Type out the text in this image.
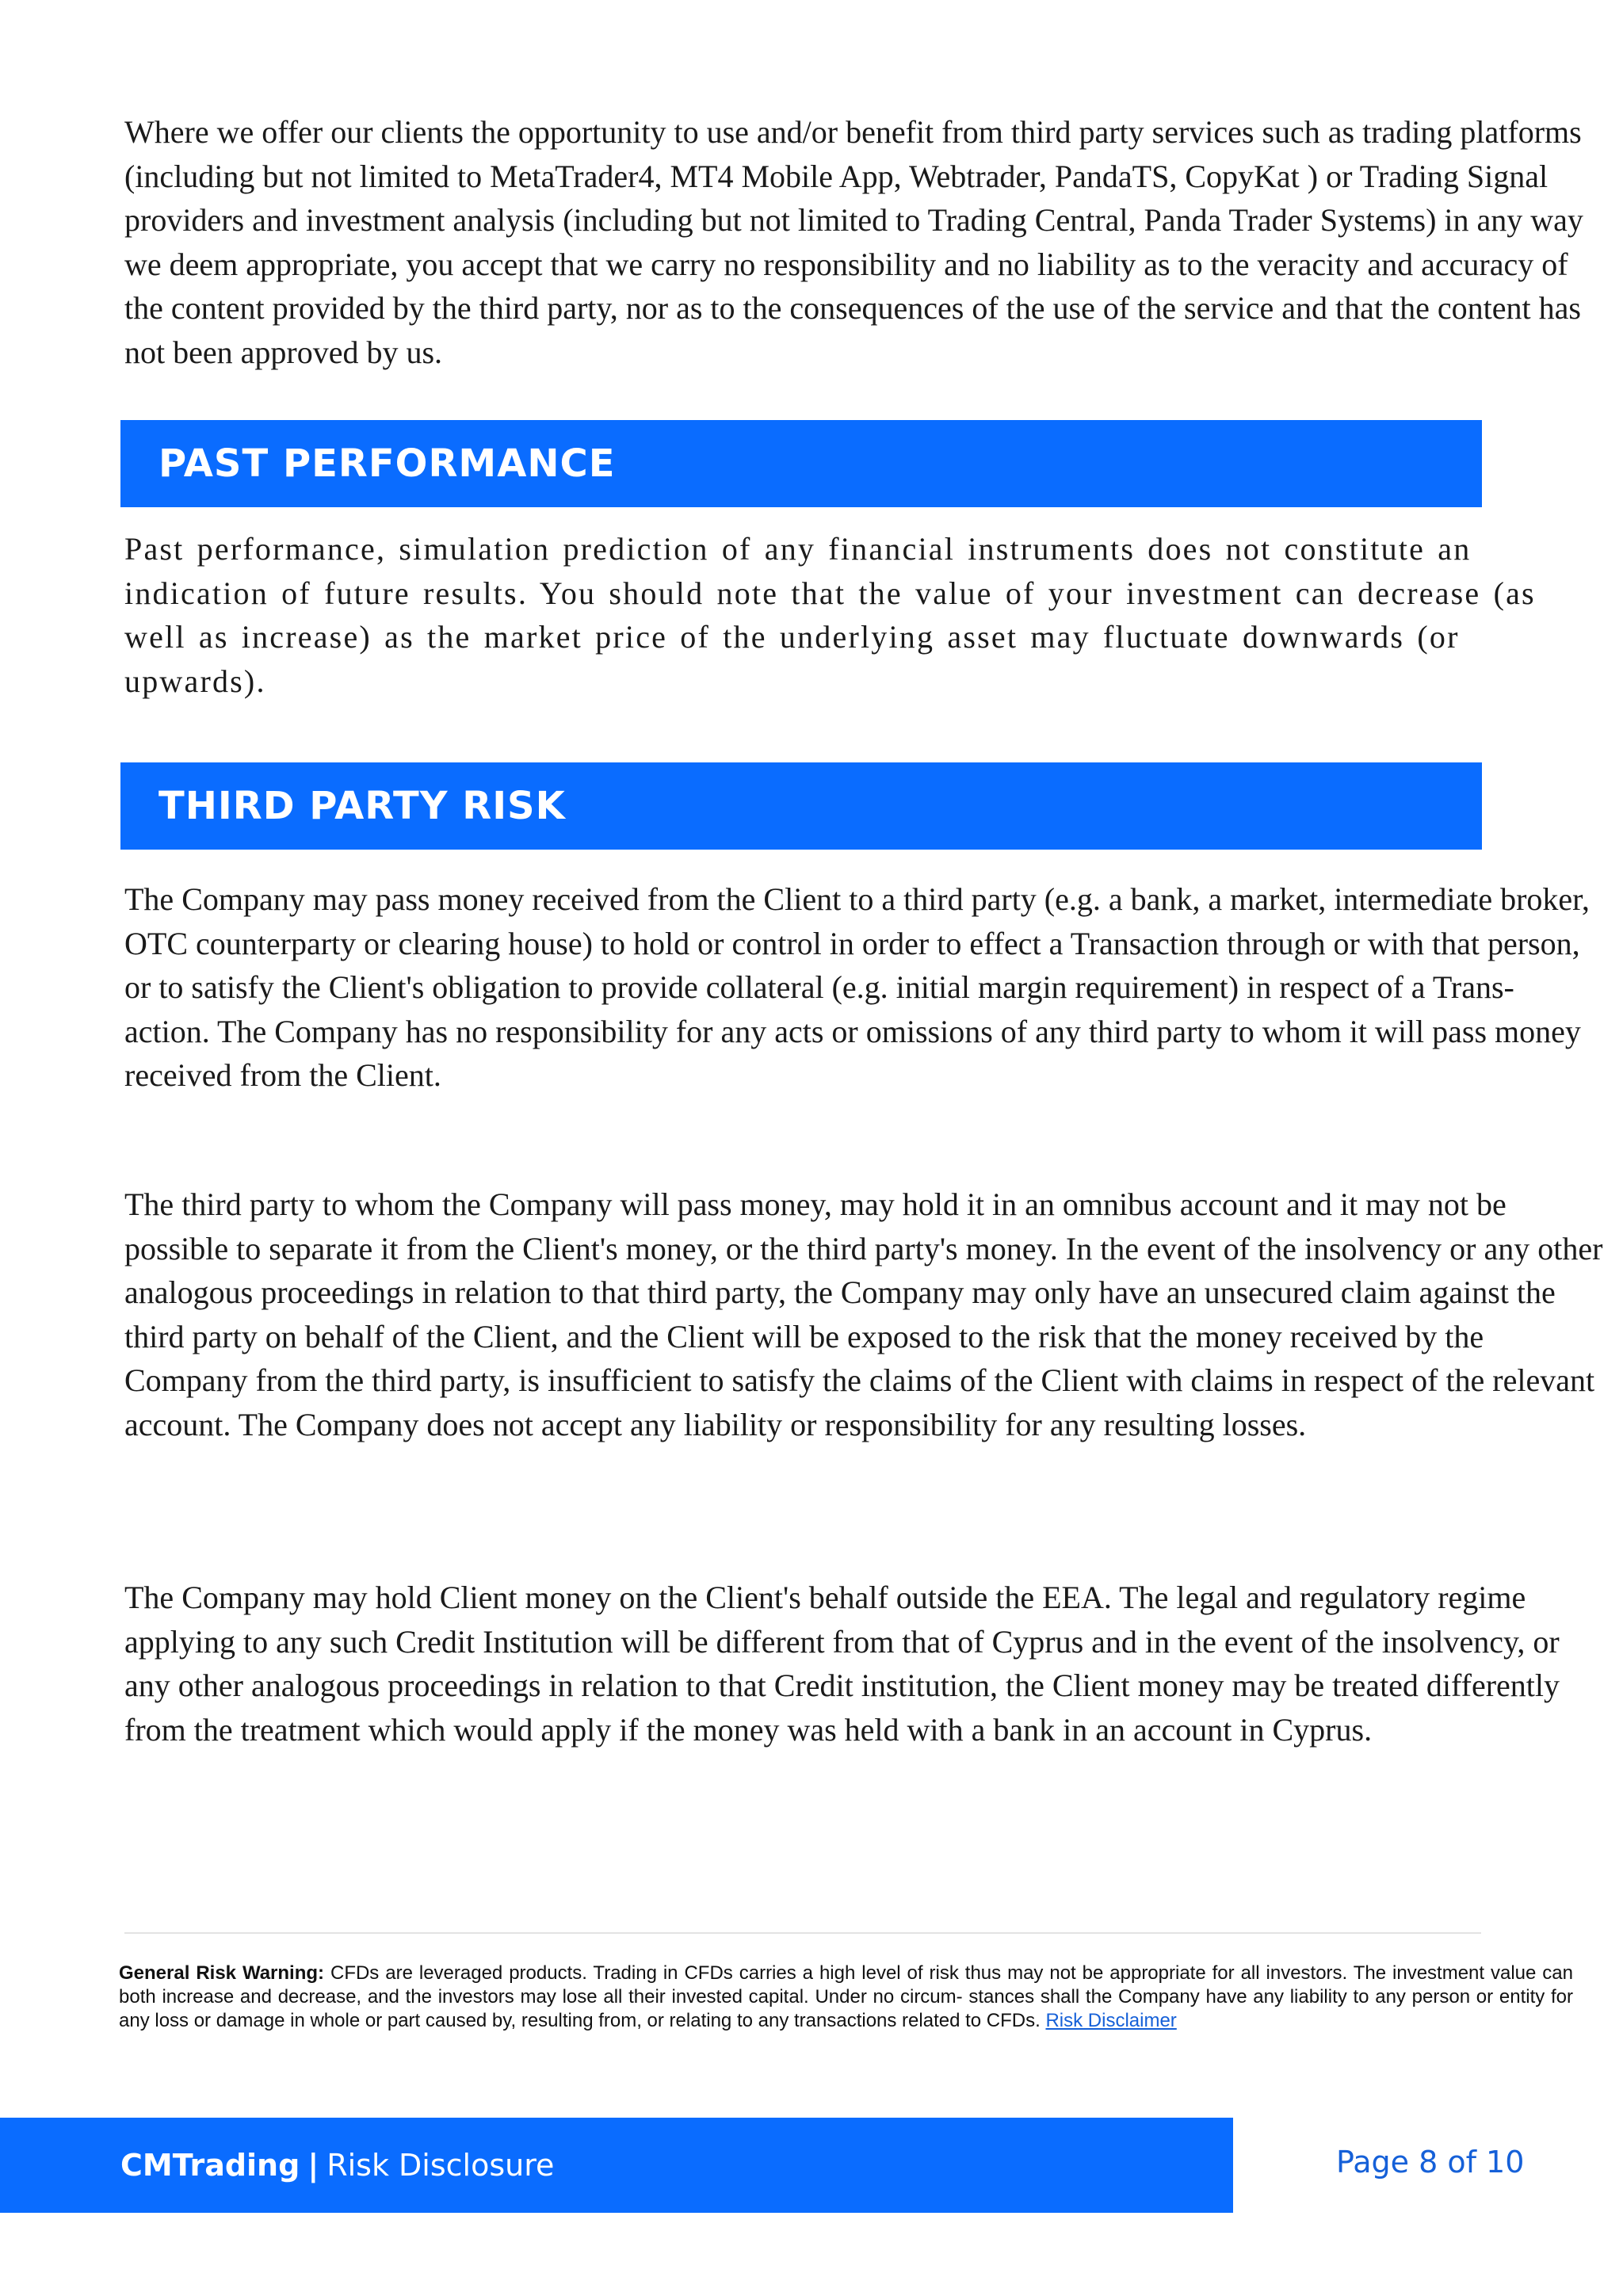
Where we offer our clients the opportunity to use and/or benefit from third party services such as trading platforms (including but not limited to MetaTrader4, MT4 Mobile App, Webtrader, PandaTS, CopyKat ) or Trading Signal providers and investment analysis (including but not limited to Trading Central, Panda Trader Systems) in any way we deem appropriate, you accept that we carry no responsibility and no liability as to the veracity and accuracy of the content provided by the third party, nor as to the consequences of the use of the service and that the content has not been approved by us.

PAST PERFORMANCE

Past performance, simulation prediction of any financial instruments does not constitute an indication of future results. You should note that the value of your investment can decrease (as well as increase) as the market price of the underlying asset may fluctuate downwards (or upwards).

THIRD PARTY RISK

The Company may pass money received from the Client to a third party (e.g. a bank, a market, intermediate broker, OTC counterparty or clearing house) to hold or control in order to effect a Transaction through or with that person, or to satisfy the Client's obligation to provide collateral (e.g. initial margin requirement) in respect of a Trans- action. The Company has no responsibility for any acts or omissions of any third party to whom it will pass money received from the Client.

The third party to whom the Company will pass money, may hold it in an omnibus account and it may not be possible to separate it from the Client's money, or the third party's money. In the event of the insolvency or any other analogous proceedings in relation to that third party, the Company may only have an unsecured claim against the third party on behalf of the Client, and the Client will be exposed to the risk that the money received by the Company from the third party, is insufficient to satisfy the claims of the Client with claims in respect of the relevant account. The Company does not accept any liability or responsibility for any resulting losses.

The Company may hold Client money on the Client's behalf outside the EEA. The legal and regulatory regime applying to any such Credit Institution will be different from that of Cyprus and in the event of the insolvency, or any other analogous proceedings in relation to that Credit institution, the Client money may be treated differently from the treatment which would apply if the money was held with a bank in an account in Cyprus.

General Risk Warning: CFDs are leveraged products. Trading in CFDs carries a high level of risk thus may not be appropriate for all investors. The investment value can both increase and decrease, and the investors may lose all their invested capital. Under no circum- stances shall the Company have any liability to any person or entity for any loss or damage in whole or part caused by, resulting from, or relating to any transactions related to CFDs. Risk Disclaimer

CMTrading | Risk Disclosure	Page 8 of 10
